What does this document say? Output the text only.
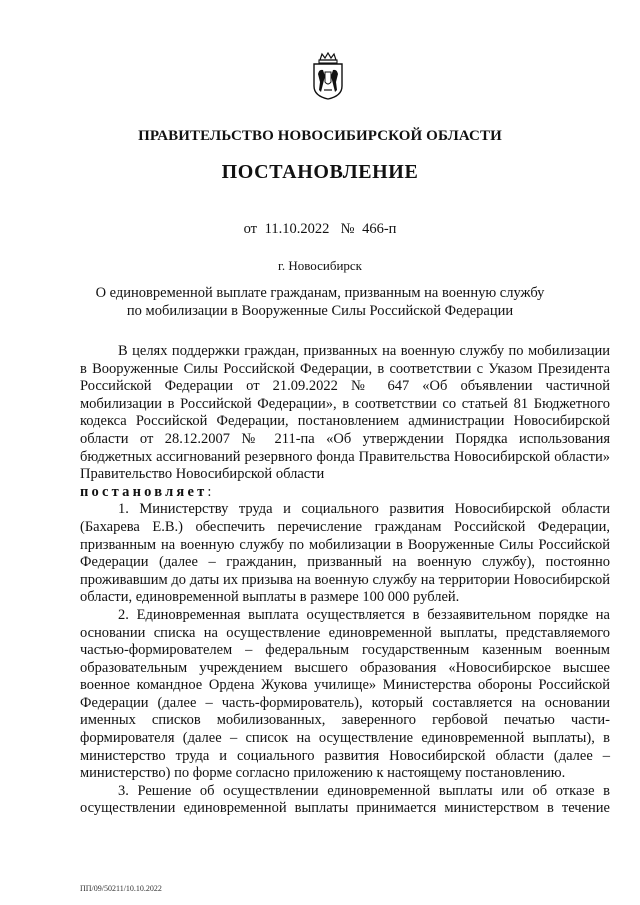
ПРАВИТЕЛЬСТВО НОВОСИБИРСКОЙ ОБЛАСТИ
ПОСТАНОВЛЕНИЕ
от 11.10.2022 № 466-п
г. Новосибирск
О единовременной выплате гражданам, призванным на военную службу
по мобилизации в Вооруженные Силы Российской Федерации

В целях поддержки граждан, призванных на военную службу по мобилизации в Вооруженные Силы Российской Федерации, в соответствии с Указом Президента Российской Федерации от 21.09.2022 № 647 «Об объявлении частичной мобилизации в Российской Федерации», в соответствии со статьей 81 Бюджетного кодекса Российской Федерации, постановлением администрации Новосибирской области от 28.12.2007 № 211-па «Об утверждении Порядка использования бюджетных ассигнований резервного фонда Правительства Новосибирской области» Правительство Новосибирской области
постановляет:

1. Министерству труда и социального развития Новосибирской области (Бахарева Е.В.) обеспечить перечисление гражданам Российской Федерации, призванным на военную службу по мобилизации в Вооруженные Силы Российской Федерации (далее – гражданин, призванный на военную службу), постоянно проживавшим до даты их призыва на военную службу на территории Новосибирской области, единовременной выплаты в размере 100 000 рублей.

2. Единовременная выплата осуществляется в беззаявительном порядке на основании списка на осуществление единовременной выплаты, представляемого частью-формирователем – федеральным государственным казенным военным образовательным учреждением высшего образования «Новосибирское высшее военное командное Ордена Жукова училище» Министерства обороны Российской Федерации (далее – часть-формирователь), который составляется на основании именных списков мобилизованных, заверенного гербовой печатью части-формирователя (далее – список на осуществление единовременной выплаты), в министерство труда и социального развития Новосибирской области (далее – министерство) по форме согласно приложению к настоящему постановлению.

3. Решение об осуществлении единовременной выплаты или об отказе в осуществлении единовременной выплаты принимается министерством в течение

ПП/09/50211/10.10.2022
